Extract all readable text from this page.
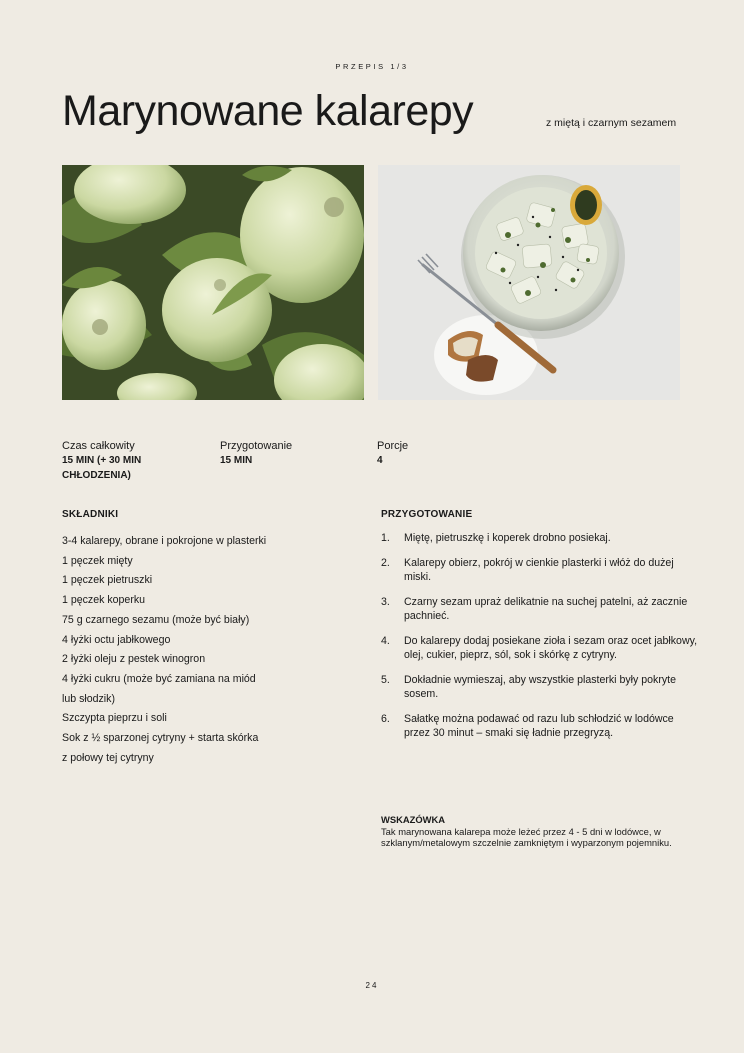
PRZEPIS 1/3
Marynowane kalarepy	z miętą i czarnym sezamem
Czas całkowity
15 MIN (+ 30 MIN CHŁODZENIA)
Przygotowanie
15 MIN
Porcje
4
SKŁADNIKI
3-4 kalarepy, obrane i pokrojone w plasterki
1 pęczek mięty
1 pęczek pietruszki
1 pęczek koperku
75 g czarnego sezamu (może być biały)
4 łyżki octu jabłkowego
2 łyżki oleju z pestek winogron
4 łyżki cukru (może być zamiana na miód
lub słodzik)
Szczypta pieprzu i soli
Sok z ½ sparzonej cytryny + starta skórka
z połowy tej cytryny
PRZYGOTOWANIE
1.	Miętę, pietruszkę i koperek drobno posiekaj.
2.	Kalarepy obierz, pokrój w cienkie plasterki i włóż do dużej miski.
3.	Czarny sezam upraż delikatnie na suchej patelni, aż zacznie pachnieć.
4.	Do kalarepy dodaj posiekane zioła i sezam oraz ocet jabłkowy, olej, cukier, pieprz, sól, sok i skórkę z cytryny.
5.	Dokładnie wymieszaj, aby wszystkie plasterki były pokryte sosem.
6.	Sałatkę można podawać od razu lub schłodzić w lodówce przez 30 minut – smaki się ładnie przegryzą.
WSKAZÓWKA
Tak marynowana kalarepa może leżeć przez 4 - 5 dni w lodówce, w szklanym/metalowym szczelnie zamkniętym i wyparzonym pojemniku.
24
